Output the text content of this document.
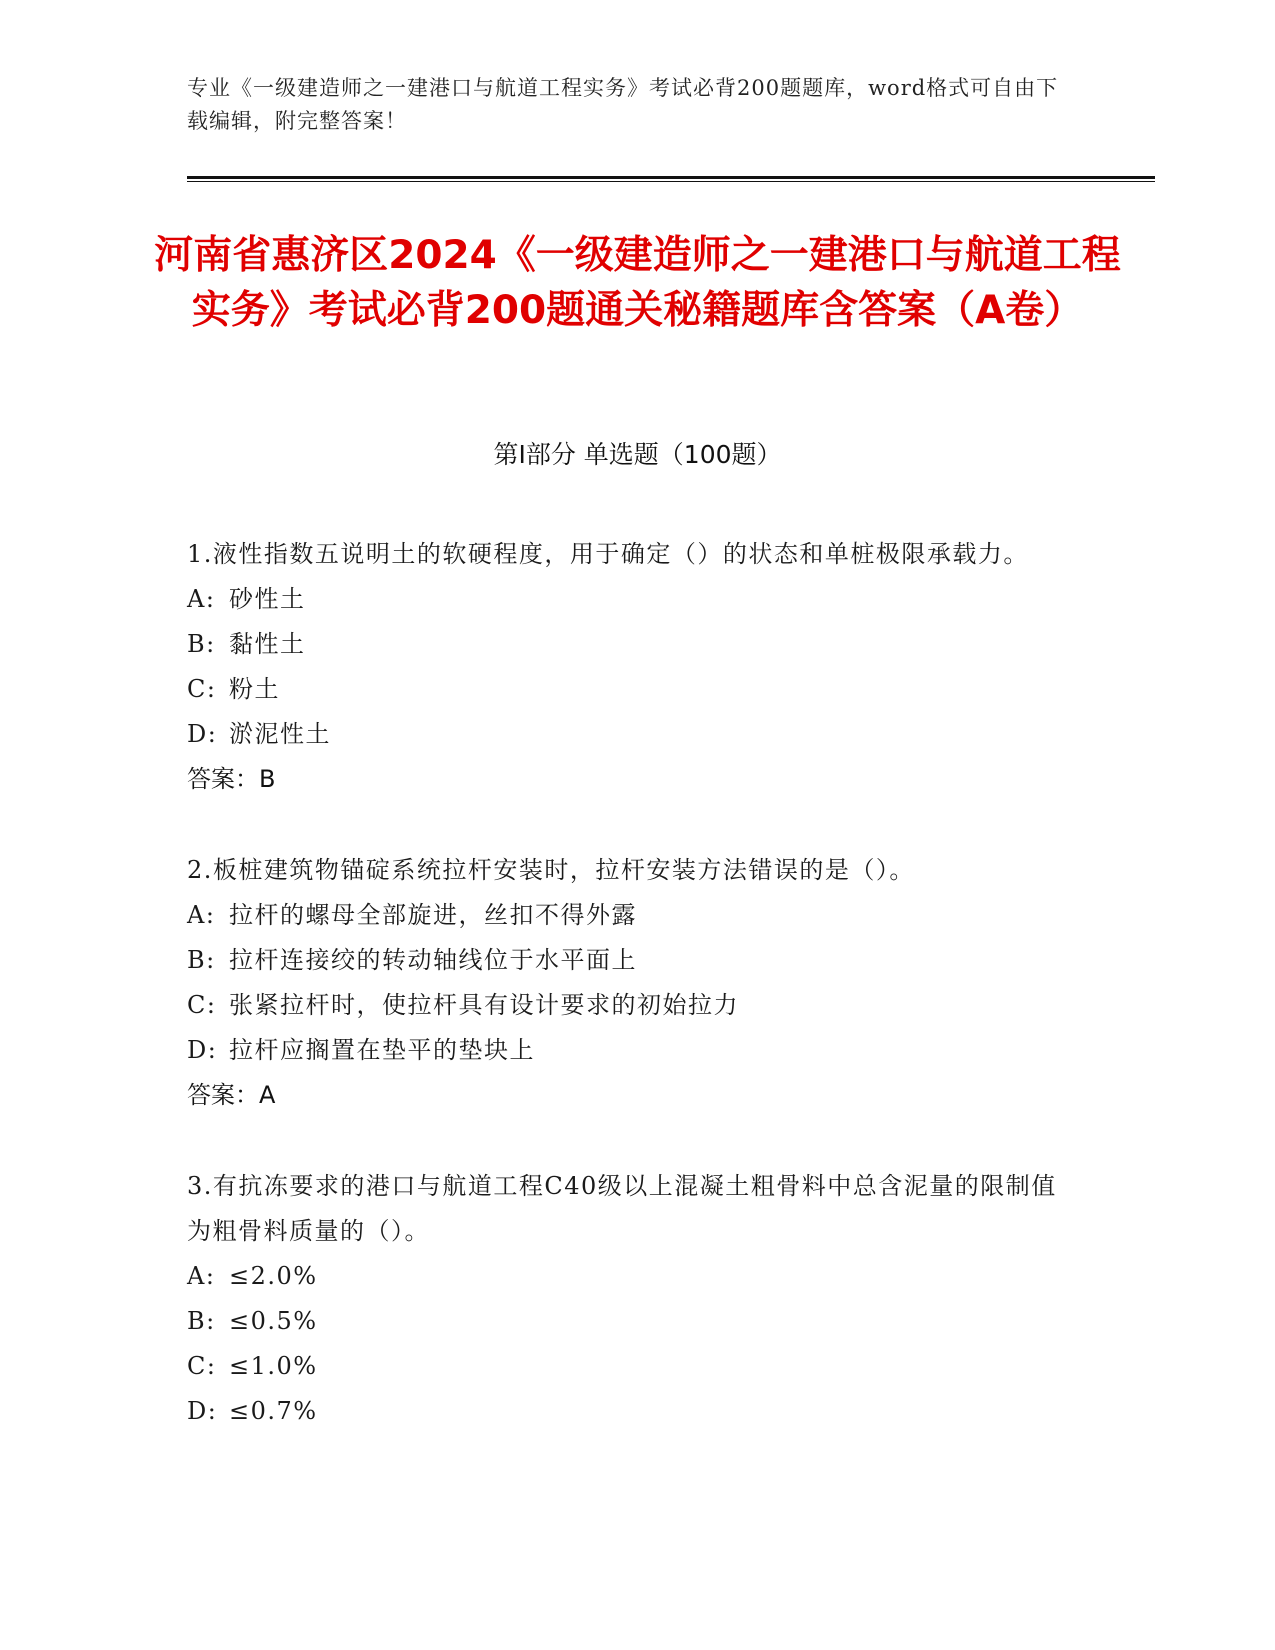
专业《一级建造师之一建港口与航道工程实务》考试必背200题题库，word格式可自由下载编辑，附完整答案！
河南省惠济区2024《一级建造师之一建港口与航道工程实务》考试必背200题通关秘籍题库含答案（A卷）
第Ⅰ部分 单选题（100题）
1.液性指数五说明土的软硬程度，用于确定（）的状态和单桩极限承载力。
A: 砂性土
B: 黏性土
C: 粉土
D: 淤泥性土
答案：B
2.板桩建筑物锚碇系统拉杆安装时，拉杆安装方法错误的是（）。
A: 拉杆的螺母全部旋进，丝扣不得外露
B: 拉杆连接绞的转动轴线位于水平面上
C: 张紧拉杆时，使拉杆具有设计要求的初始拉力
D: 拉杆应搁置在垫平的垫块上
答案：A
3.有抗冻要求的港口与航道工程C40级以上混凝土粗骨料中总含泥量的限制值为粗骨料质量的（）。
A: ≤2.0%
B: ≤0.5%
C: ≤1.0%
D: ≤0.7%
